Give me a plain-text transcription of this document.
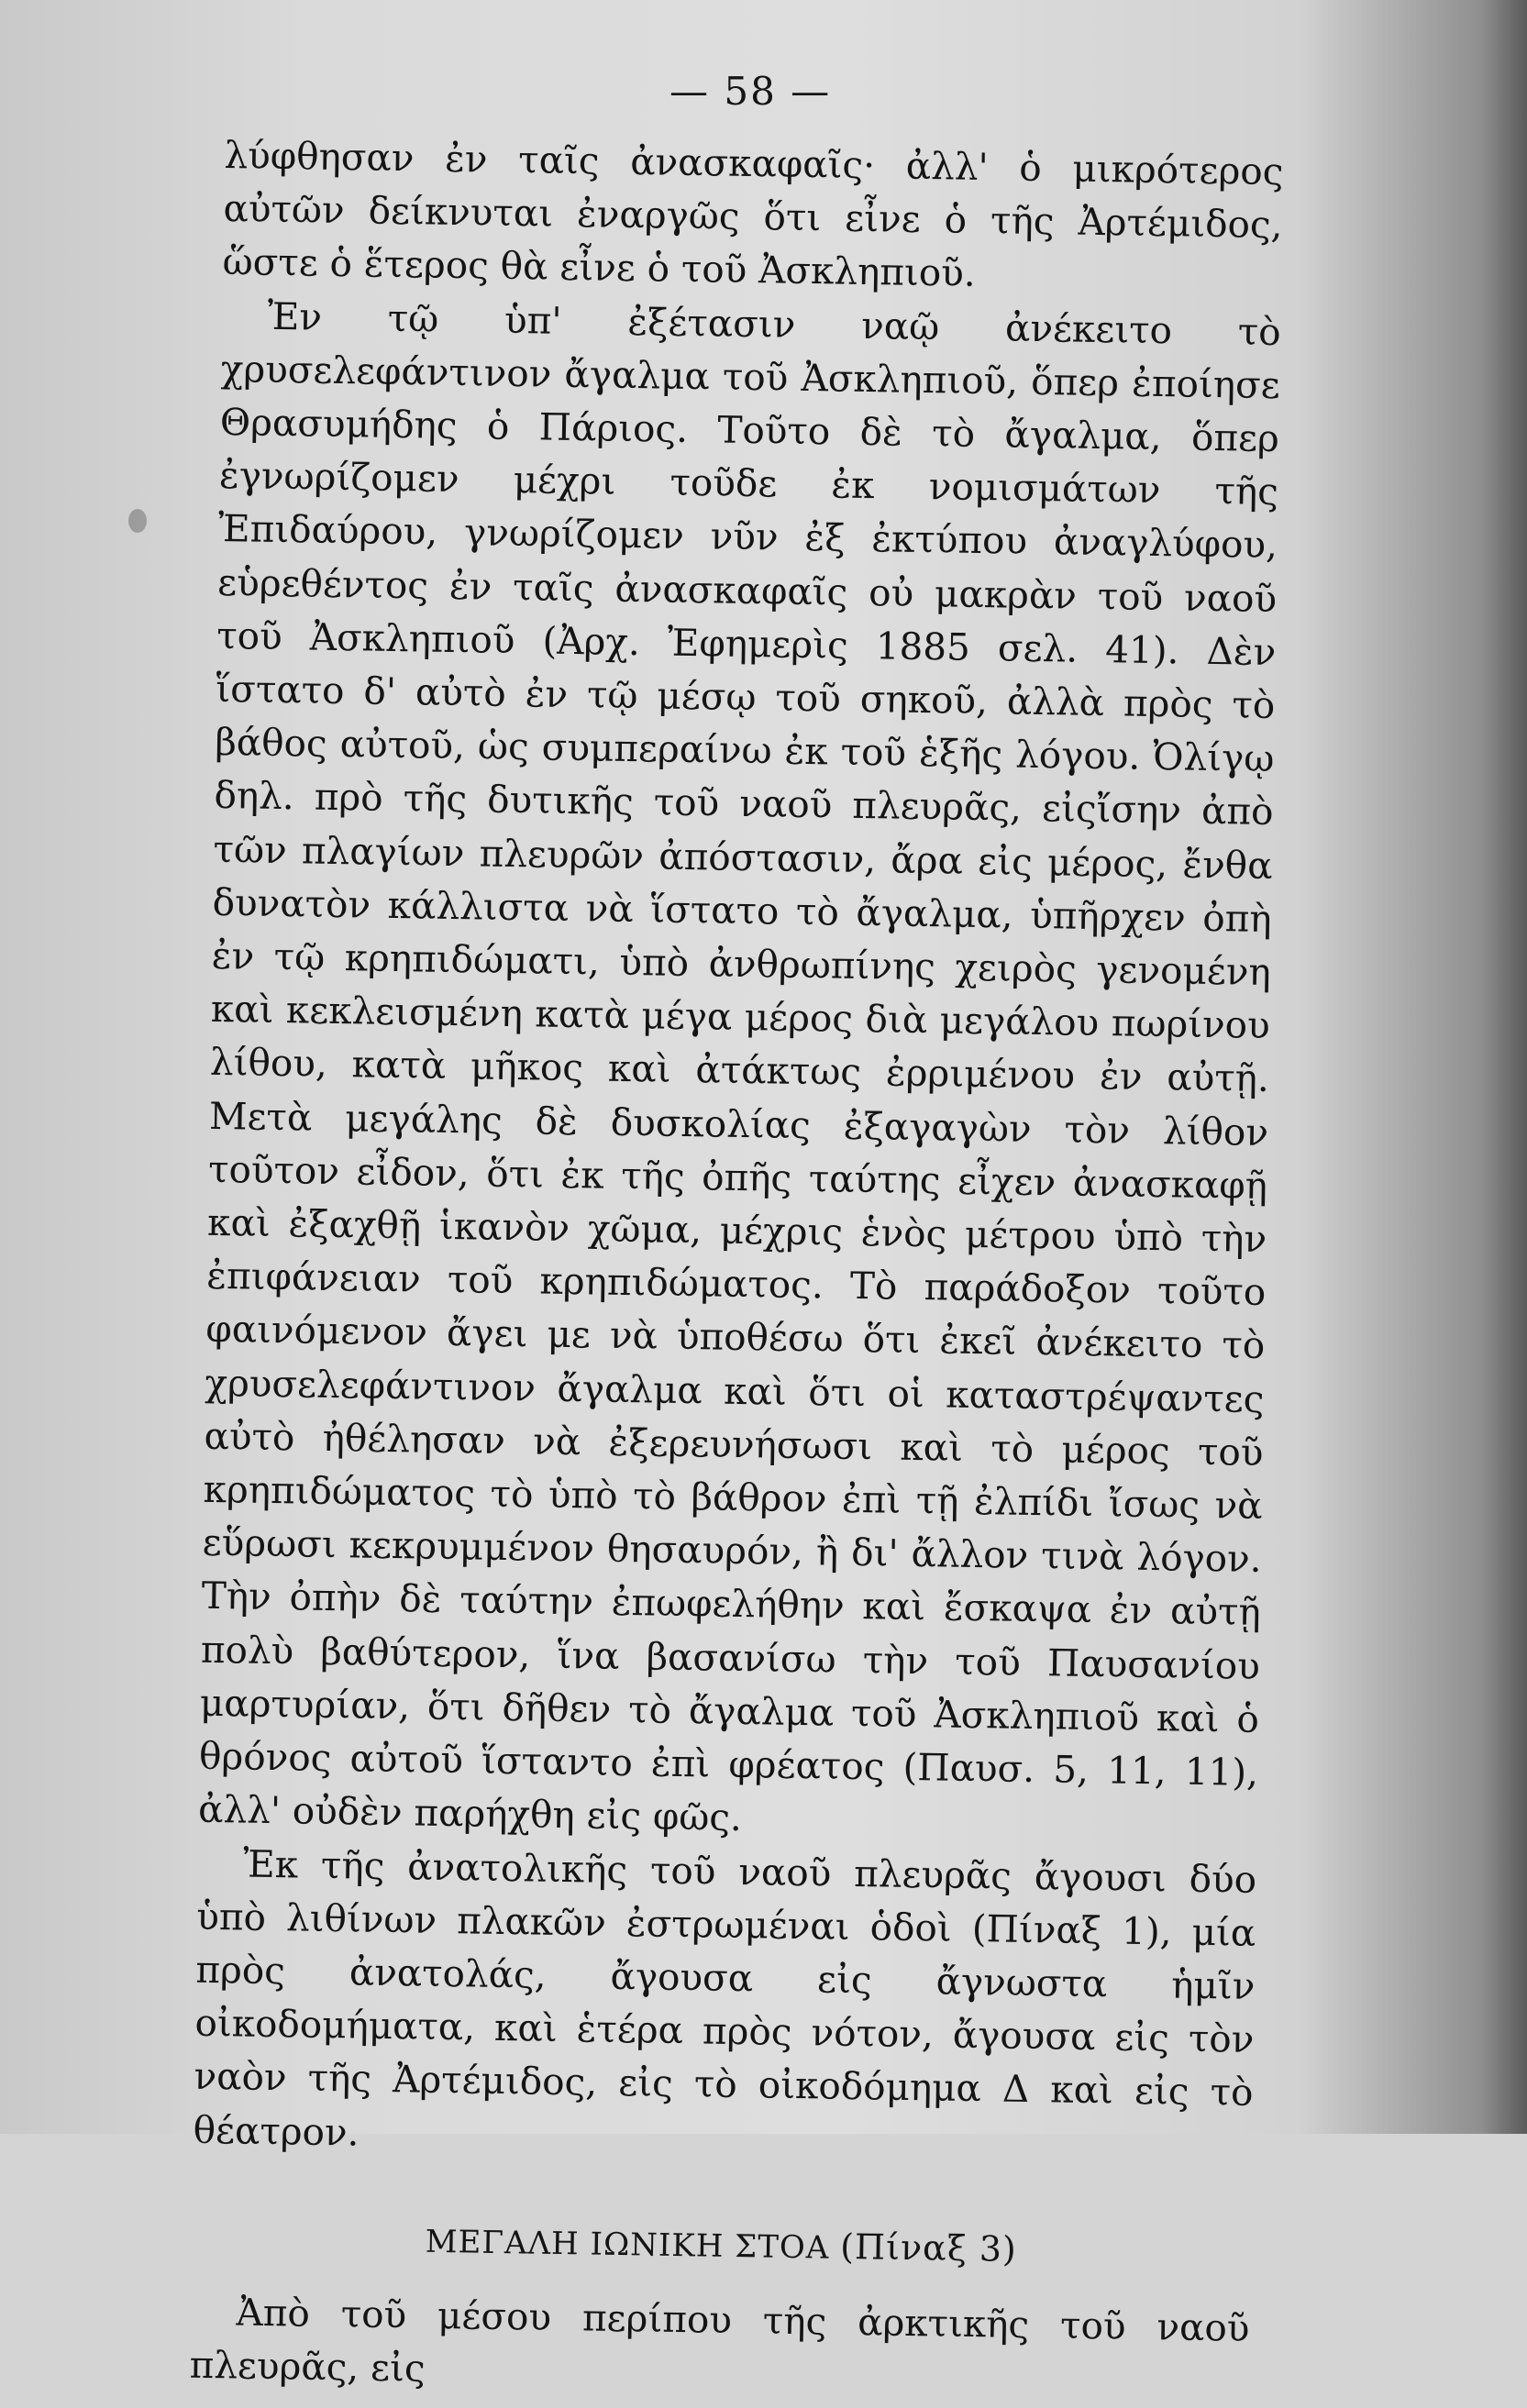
— 58 —

λύφθησαν ἐν ταῖς ἀνασκαφαῖς· ἀλλ' ὁ μικρότερος αὐτῶν δείκνυται ἐναργῶς ὅτι εἶνε ὁ τῆς Ἀρτέμιδος, ὥστε ὁ ἕτερος θὰ εἶνε ὁ τοῦ Ἀσκληπιοῦ.

Ἐν τῷ ὑπ' ἐξέτασιν ναῷ ἀνέκειτο τὸ χρυσελεφάντινον ἄγαλμα τοῦ Ἀσκληπιοῦ, ὅπερ ἐποίησε Θρασυμήδης ὁ Πάριος. Τοῦτο δὲ τὸ ἄγαλμα, ὅπερ ἐγνωρίζομεν μέχρι τοῦδε ἐκ νομισμάτων τῆς Ἐπιδαύρου, γνωρίζομεν νῦν ἐξ ἐκτύπου ἀναγλύφου, εὑρεθέντος ἐν ταῖς ἀνασκαφαῖς οὐ μακρὰν τοῦ ναοῦ τοῦ Ἀσκληπιοῦ (Ἀρχ. Ἐφημερὶς 1885 σελ. 41). Δὲν ἵστατο δ' αὐτὸ ἐν τῷ μέσῳ τοῦ σηκοῦ, ἀλλὰ πρὸς τὸ βάθος αὐτοῦ, ὡς συμπεραίνω ἐκ τοῦ ἑξῆς λόγου. Ὀλίγῳ δηλ. πρὸ τῆς δυτικῆς τοῦ ναοῦ πλευρᾶς, εἰςἴσην ἀπὸ τῶν πλαγίων πλευρῶν ἀπόστασιν, ἄρα εἰς μέρος, ἔνθα δυνατὸν κάλλιστα νὰ ἵστατο τὸ ἄγαλμα, ὑπῆρχεν ὀπὴ ἐν τῷ κρηπιδώματι, ὑπὸ ἀνθρωπίνης χειρὸς γενομένη καὶ κεκλεισμένη κατὰ μέγα μέρος διὰ μεγάλου πωρίνου λίθου, κατὰ μῆκος καὶ ἀτάκτως ἐρριμένου ἐν αὐτῇ. Μετὰ μεγάλης δὲ δυσκολίας ἐξαγαγὼν τὸν λίθον τοῦτον εἶδον, ὅτι ἐκ τῆς ὀπῆς ταύτης εἶχεν ἀνασκαφῇ καὶ ἐξαχθῇ ἱκανὸν χῶμα, μέχρις ἑνὸς μέτρου ὑπὸ τὴν ἐπιφάνειαν τοῦ κρηπιδώματος. Τὸ παράδοξον τοῦτο φαινόμενον ἄγει με νὰ ὑποθέσω ὅτι ἐκεῖ ἀνέκειτο τὸ χρυσελεφάντινον ἄγαλμα καὶ ὅτι οἱ καταστρέψαντες αὐτὸ ἠθέλησαν νὰ ἐξερευνήσωσι καὶ τὸ μέρος τοῦ κρηπιδώματος τὸ ὑπὸ τὸ βάθρον ἐπὶ τῇ ἐλπίδι ἴσως νὰ εὕρωσι κεκρυμμένον θησαυρόν, ἢ δι' ἄλλον τινὰ λόγον. Τὴν ὀπὴν δὲ ταύτην ἐπωφελήθην καὶ ἔσκαψα ἐν αὐτῇ πολὺ βαθύτερον, ἵνα βασανίσω τὴν τοῦ Παυσανίου μαρτυρίαν, ὅτι δῆθεν τὸ ἄγαλμα τοῦ Ἀσκληπιοῦ καὶ ὁ θρόνος αὐτοῦ ἵσταντο ἐπὶ φρέατος (Παυσ. 5, 11, 11), ἀλλ' οὐδὲν παρήχθη εἰς φῶς.

Ἐκ τῆς ἀνατολικῆς τοῦ ναοῦ πλευρᾶς ἄγουσι δύο ὑπὸ λιθίνων πλακῶν ἐστρωμέναι ὁδοὶ (Πίναξ 1), μία πρὸς ἀνατολάς, ἄγουσα εἰς ἄγνωστα ἡμῖν οἰκοδομήματα, καὶ ἑτέρα πρὸς νότον, ἄγουσα εἰς τὸν ναὸν τῆς Ἀρτέμιδος, εἰς τὸ οἰκοδόμημα Δ καὶ εἰς τὸ θέατρον.

ΜΕΓΑΛΗ ΙΩΝΙΚΗ ΣΤΟΑ (Πίναξ 3)

Ἀπὸ τοῦ μέσου περίπου τῆς ἀρκτικῆς τοῦ ναοῦ πλευρᾶς, εἰς
